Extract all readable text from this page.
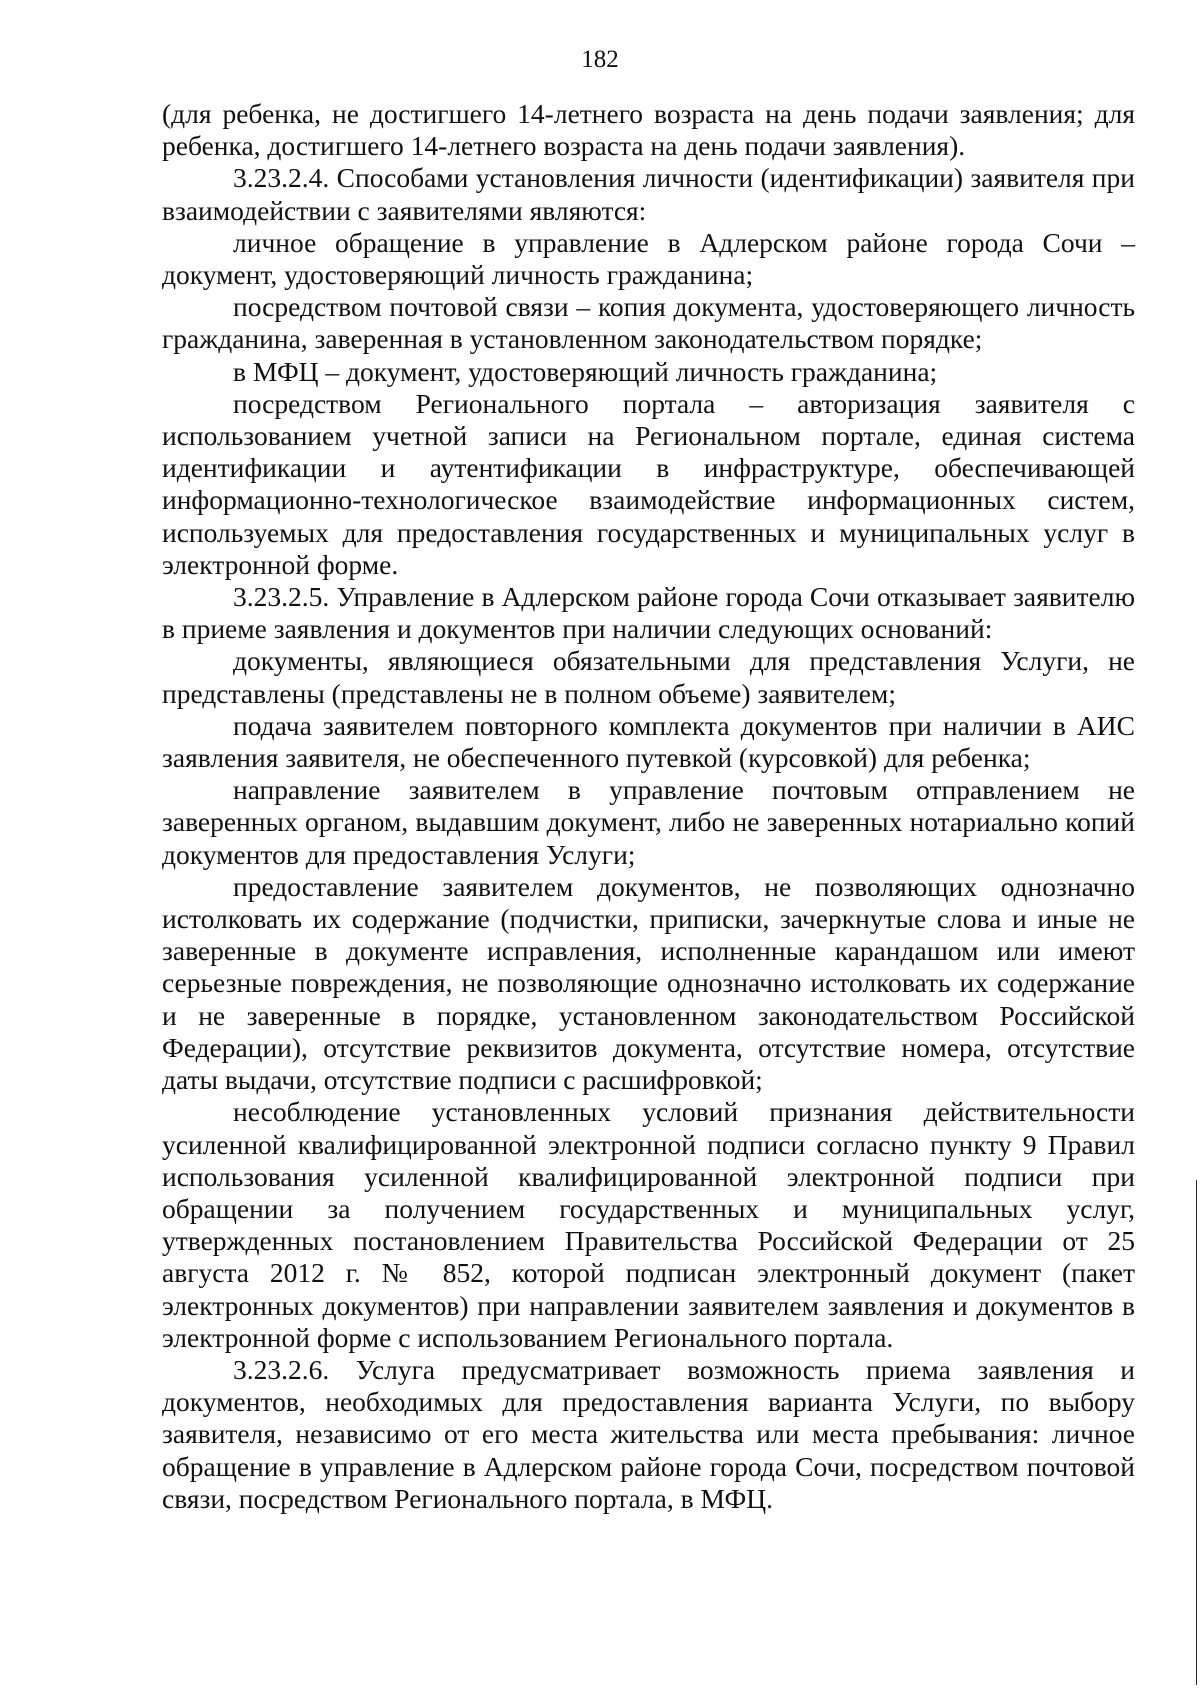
182

(для ребенка, не достигшего 14-летнего возраста на день подачи заявления; для ребенка, достигшего 14-летнего возраста на день подачи заявления).

3.23.2.4. Способами установления личности (идентификации) заявителя при взаимодействии с заявителями являются:

личное обращение в управление в Адлерском районе города Сочи – документ, удостоверяющий личность гражданина;

посредством почтовой связи – копия документа, удостоверяющего личность гражданина, заверенная в установленном законодательством порядке;

в МФЦ – документ, удостоверяющий личность гражданина;

посредством Регионального портала – авторизация заявителя с использованием учетной записи на Региональном портале, единая система идентификации и аутентификации в инфраструктуре, обеспечивающей информационно-технологическое взаимодействие информационных систем, используемых для предоставления государственных и муниципальных услуг в электронной форме.

3.23.2.5. Управление в Адлерском районе города Сочи отказывает заявителю в приеме заявления и документов при наличии следующих оснований:

документы, являющиеся обязательными для представления Услуги, не представлены (представлены не в полном объеме) заявителем;

подача заявителем повторного комплекта документов при наличии в АИС заявления заявителя, не обеспеченного путевкой (курсовкой) для ребенка;

направление заявителем в управление почтовым отправлением не заверенных органом, выдавшим документ, либо не заверенных нотариально копий документов для предоставления Услуги;

предоставление заявителем документов, не позволяющих однозначно истолковать их содержание (подчистки, приписки, зачеркнутые слова и иные не заверенные в документе исправления, исполненные карандашом или имеют серьезные повреждения, не позволяющие однозначно истолковать их содержание и не заверенные в порядке, установленном законодательством Российской Федерации), отсутствие реквизитов документа, отсутствие номера, отсутствие даты выдачи, отсутствие подписи с расшифровкой;

несоблюдение установленных условий признания действительности усиленной квалифицированной электронной подписи согласно пункту 9 Правил использования усиленной квалифицированной электронной подписи при обращении за получением государственных и муниципальных услуг, утвержденных постановлением Правительства Российской Федерации от 25 августа 2012 г. № 852, которой подписан электронный документ (пакет электронных документов) при направлении заявителем заявления и документов в электронной форме с использованием Регионального портала.

3.23.2.6. Услуга предусматривает возможность приема заявления и документов, необходимых для предоставления варианта Услуги, по выбору заявителя, независимо от его места жительства или места пребывания: личное обращение в управление в Адлерском районе города Сочи, посредством почтовой связи, посредством Регионального портала, в МФЦ.
